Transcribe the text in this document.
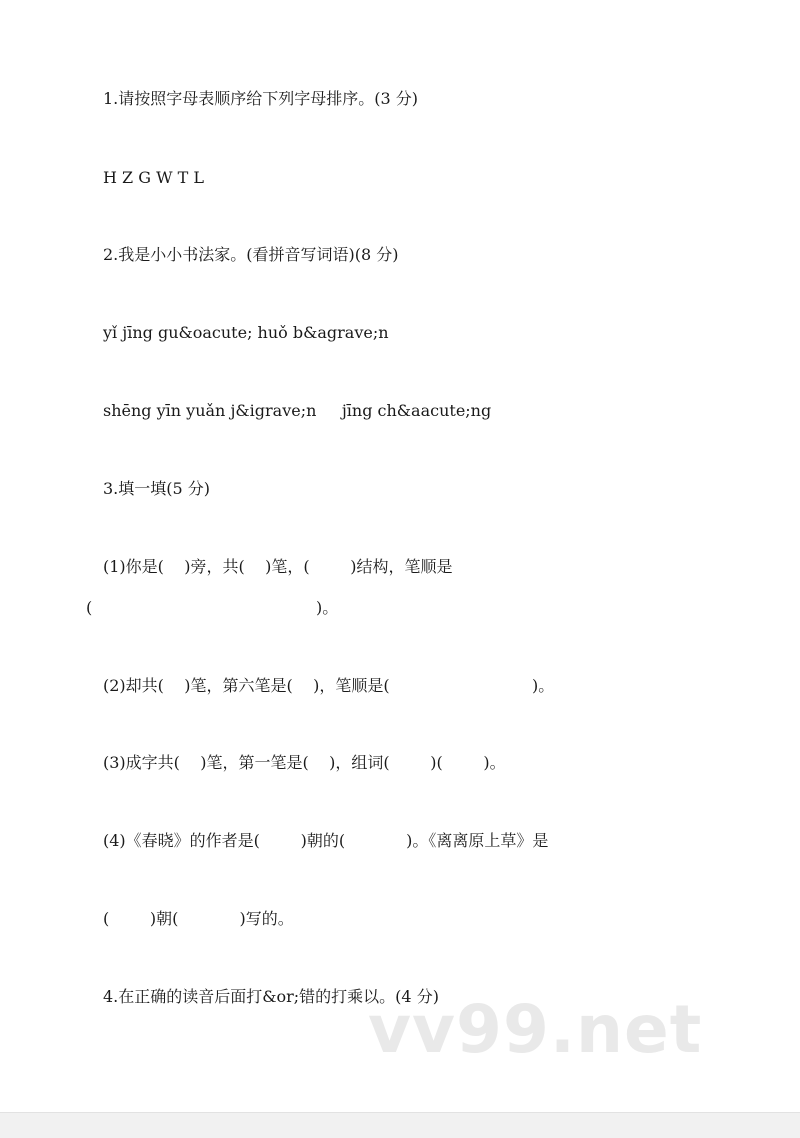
1.请按照字母表顺序给下列字母排序。(3 分)
H Z G W T L
2.我是小小书法家。(看拼音写词语)(8 分)
yǐ jīng gu&oacute; huǒ b&agrave;n
shēng yīn yuǎn j&igrave;n     jīng ch&aacute;ng
3.填一填(5 分)
(1)你是(    )旁，共(    )笔，(        )结构，笔顺是
(                                            )。
(2)却共(    )笔，第六笔是(    )，笔顺是(                            )。
(3)成字共(    )笔，第一笔是(    )，组词(        )(        )。
(4)《春晓》的作者是(        )朝的(            )。《离离原上草》是
(        )朝(            )写的。
4.在正确的读音后面打&or;错的打乘以。(4 分)
vv99.net
